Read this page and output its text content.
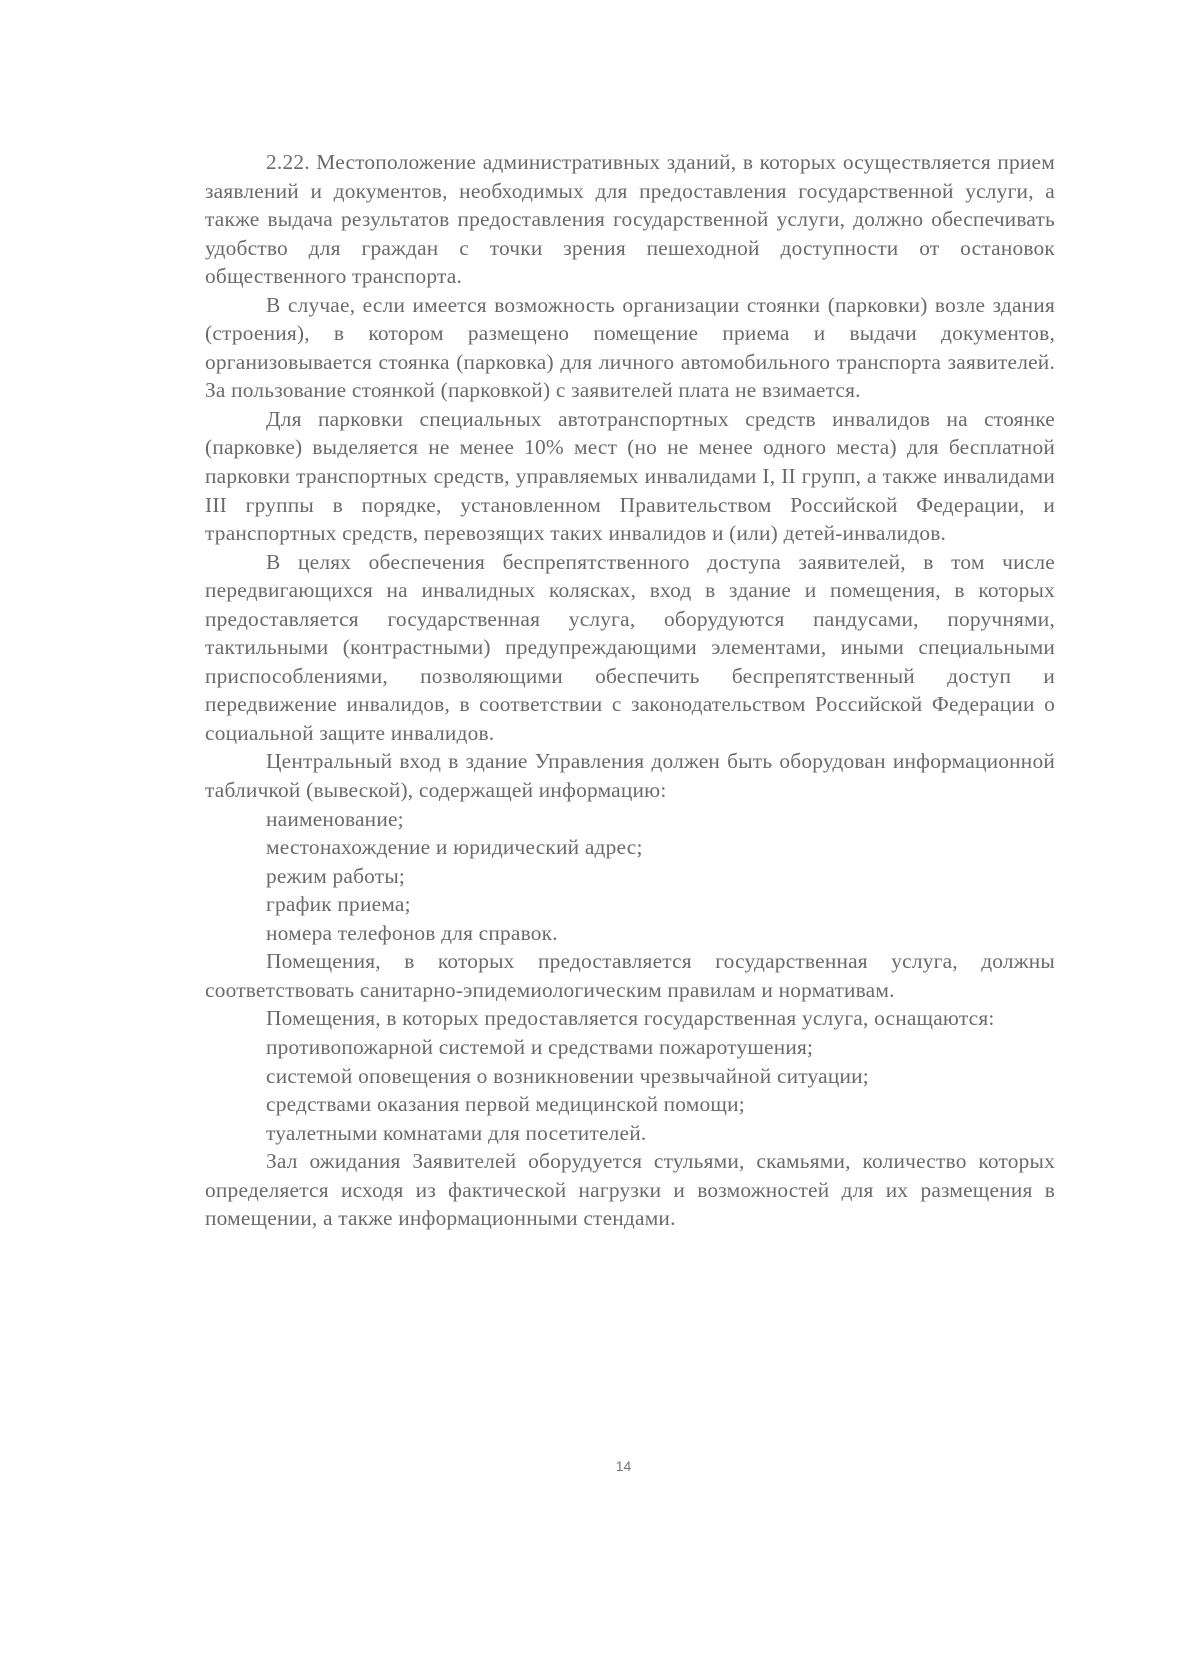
2.22. Местоположение административных зданий, в которых осуществляется прием заявлений и документов, необходимых для предоставления государственной услуги, а также выдача результатов предоставления государственной услуги, должно обеспечивать удобство для граждан с точки зрения пешеходной доступности от остановок общественного транспорта.

В случае, если имеется возможность организации стоянки (парковки) возле здания (строения), в котором размещено помещение приема и выдачи документов, организовывается стоянка (парковка) для личного автомобильного транспорта заявителей. За пользование стоянкой (парковкой) с заявителей плата не взимается.

Для парковки специальных автотранспортных средств инвалидов на стоянке (парковке) выделяется не менее 10% мест (но не менее одного места) для бесплатной парковки транспортных средств, управляемых инвалидами I, II групп, а также инвалидами III группы в порядке, установленном Правительством Российской Федерации, и транспортных средств, перевозящих таких инвалидов и (или) детей-инвалидов.

В целях обеспечения беспрепятственного доступа заявителей, в том числе передвигающихся на инвалидных колясках, вход в здание и помещения, в которых предоставляется государственная услуга, оборудуются пандусами, поручнями, тактильными (контрастными) предупреждающими элементами, иными специальными приспособлениями, позволяющими обеспечить беспрепятственный доступ и передвижение инвалидов, в соответствии с законодательством Российской Федерации о социальной защите инвалидов.

Центральный вход в здание Управления должен быть оборудован информационной табличкой (вывеской), содержащей информацию:

наименование;

местонахождение и юридический адрес;

режим работы;

график приема;

номера телефонов для справок.

Помещения, в которых предоставляется государственная услуга, должны соответствовать санитарно-эпидемиологическим правилам и нормативам.

Помещения, в которых предоставляется государственная услуга, оснащаются:

противопожарной системой и средствами пожаротушения;

системой оповещения о возникновении чрезвычайной ситуации;

средствами оказания первой медицинской помощи;

туалетными комнатами для посетителей.

Зал ожидания Заявителей оборудуется стульями, скамьями, количество которых определяется исходя из фактической нагрузки и возможностей для их размещения в помещении, а также информационными стендами.

14
